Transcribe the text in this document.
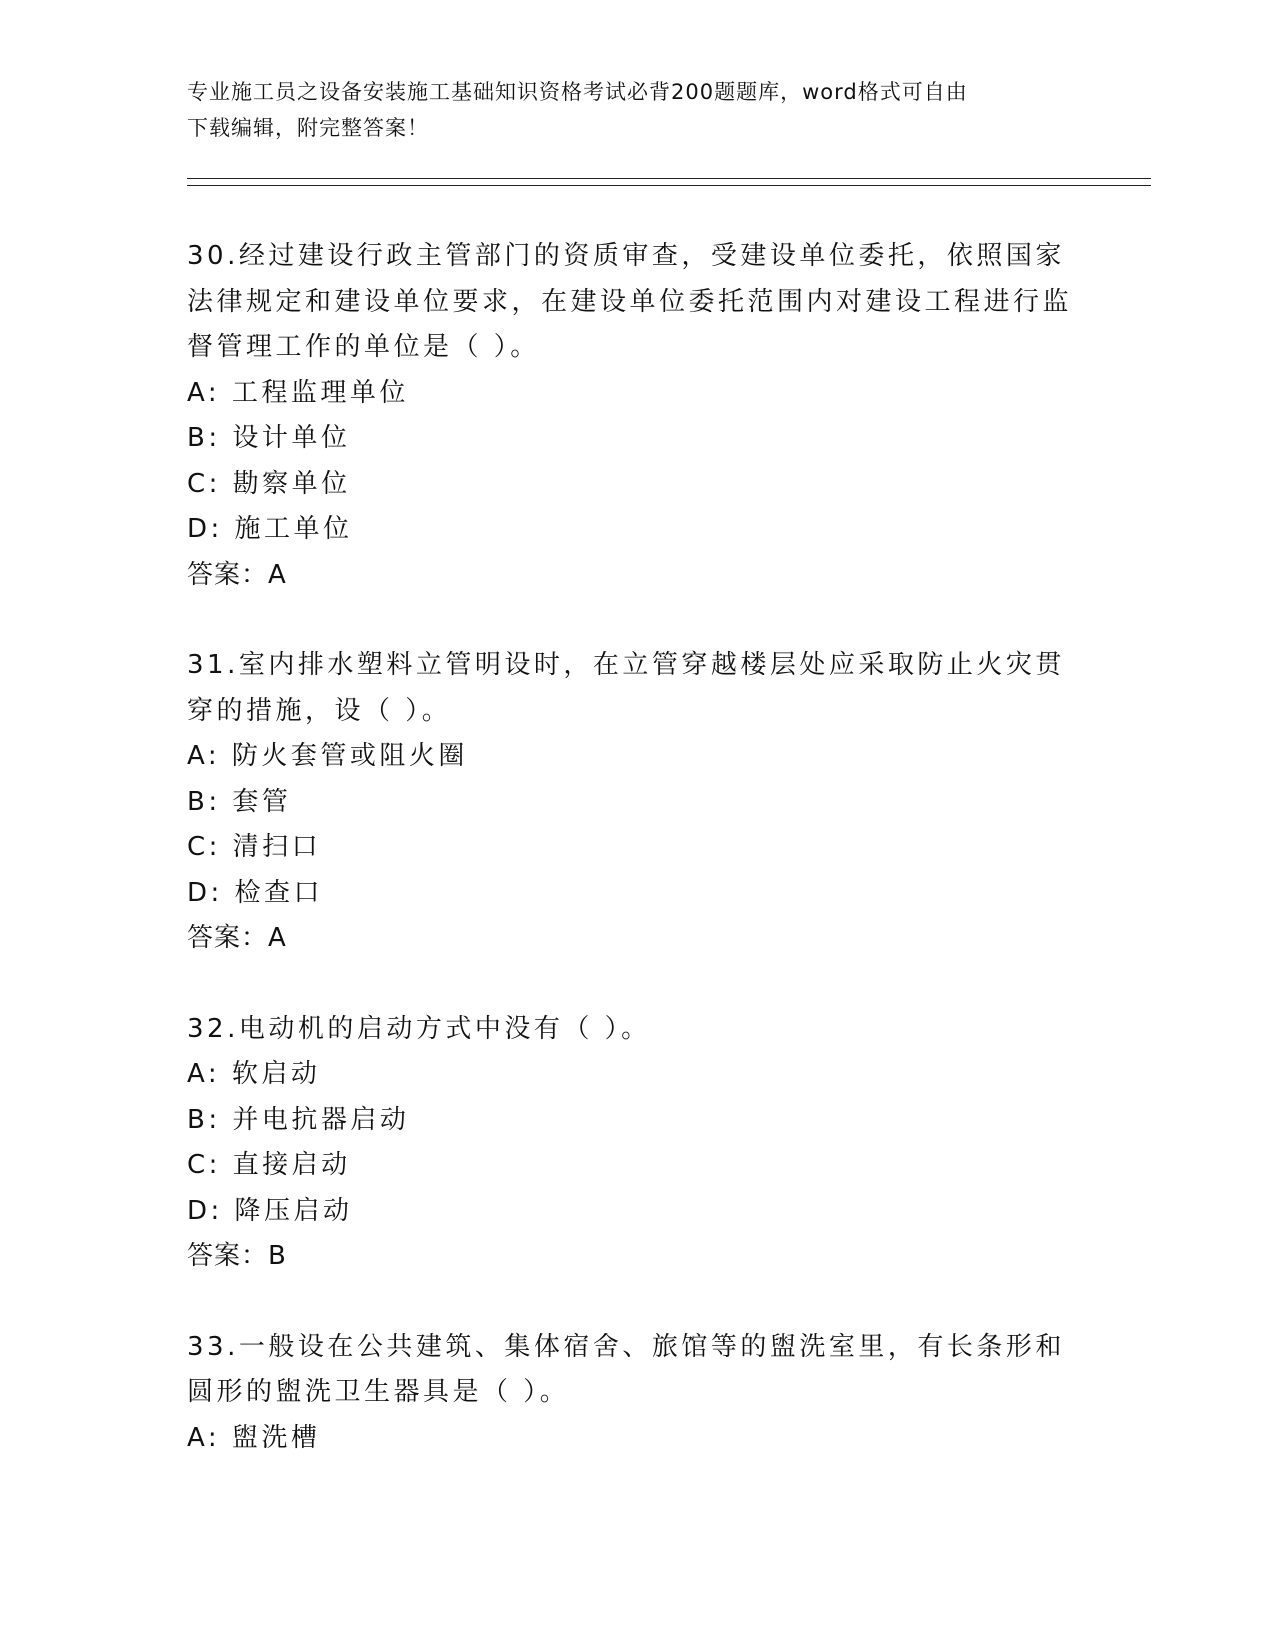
专业施工员之设备安装施工基础知识资格考试必背200题题库，word格式可自由
下载编辑，附完整答案！

30.经过建设行政主管部门的资质审查，受建设单位委托，依照国家法律规定和建设单位要求，在建设单位委托范围内对建设工程进行监督管理工作的单位是（ ）。

A: 工程监理单位

B: 设计单位

C: 勘察单位

D: 施工单位

答案：A

31.室内排水塑料立管明设时，在立管穿越楼层处应采取防止火灾贯穿的措施，设（ ）。

A: 防火套管或阻火圈

B: 套管

C: 清扫口

D: 检查口

答案：A

32.电动机的启动方式中没有（ ）。

A: 软启动

B: 并电抗器启动

C: 直接启动

D: 降压启动

答案：B

33.一般设在公共建筑、集体宿舍、旅馆等的盥洗室里，有长条形和圆形的盥洗卫生器具是（ ）。

A: 盥洗槽
